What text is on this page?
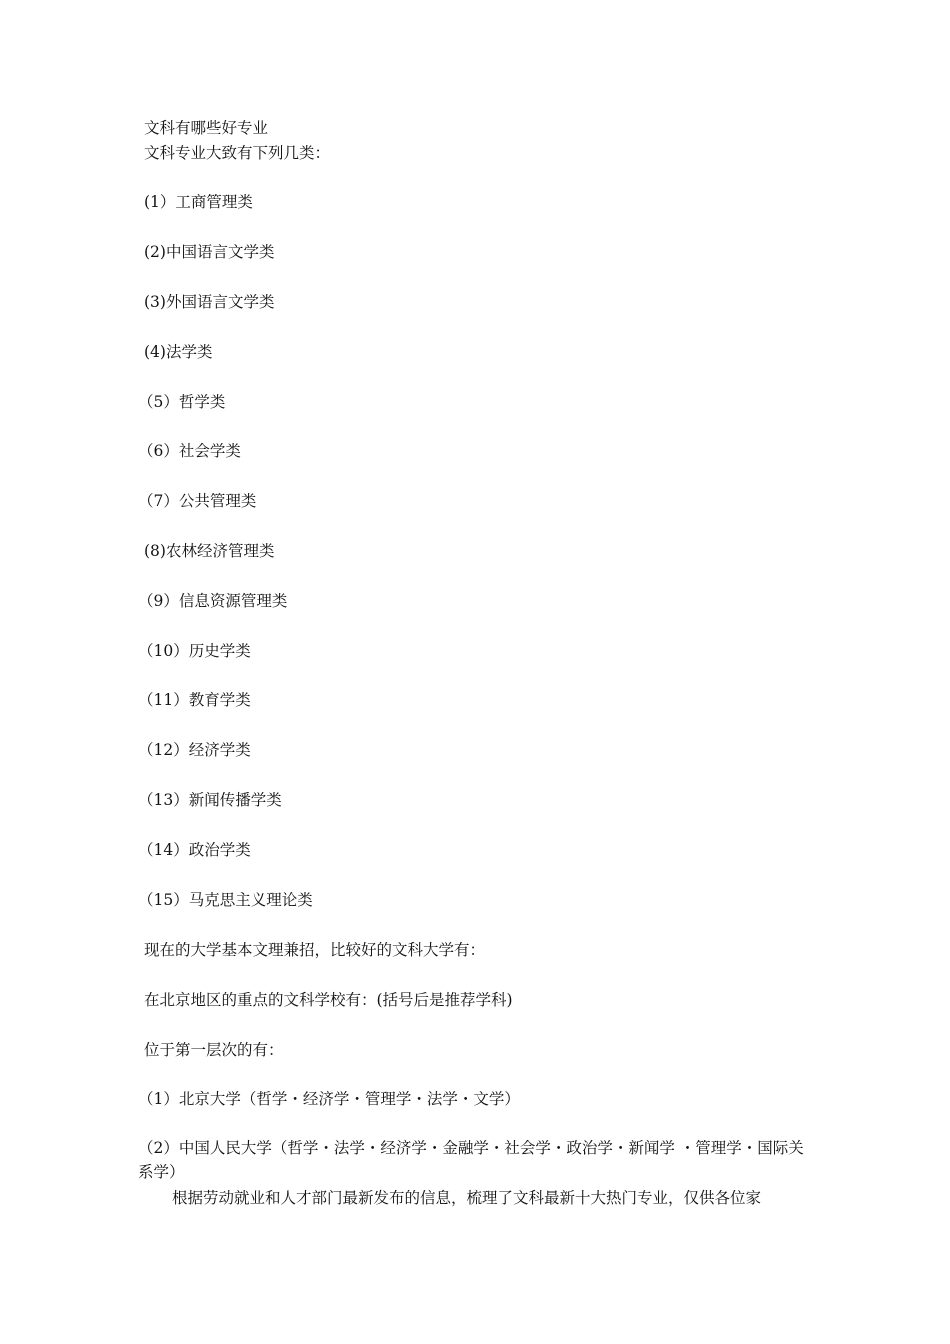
文科有哪些好专业
文科专业大致有下列几类：
(1）工商管理类
(2)中国语言文学类
(3)外国语言文学类
(4)法学类
（5）哲学类
（6）社会学类
（7）公共管理类
(8)农林经济管理类
（9）信息资源管理类
（10）历史学类
（11）教育学类
（12）经济学类
（13）新闻传播学类
（14）政治学类
（15）马克思主义理论类
现在的大学基本文理兼招，比较好的文科大学有：
在北京地区的重点的文科学校有：(括号后是推荐学科)
位于第一层次的有：
（1）北京大学（哲学・经济学・管理学・法学・文学）
（2）中国人民大学（哲学・法学・经济学・金融学・社会学・政治学・新闻学 ・管理学・国际关系学）
根据劳动就业和人才部门最新发布的信息，梳理了文科最新十大热门专业，仅供各位家
